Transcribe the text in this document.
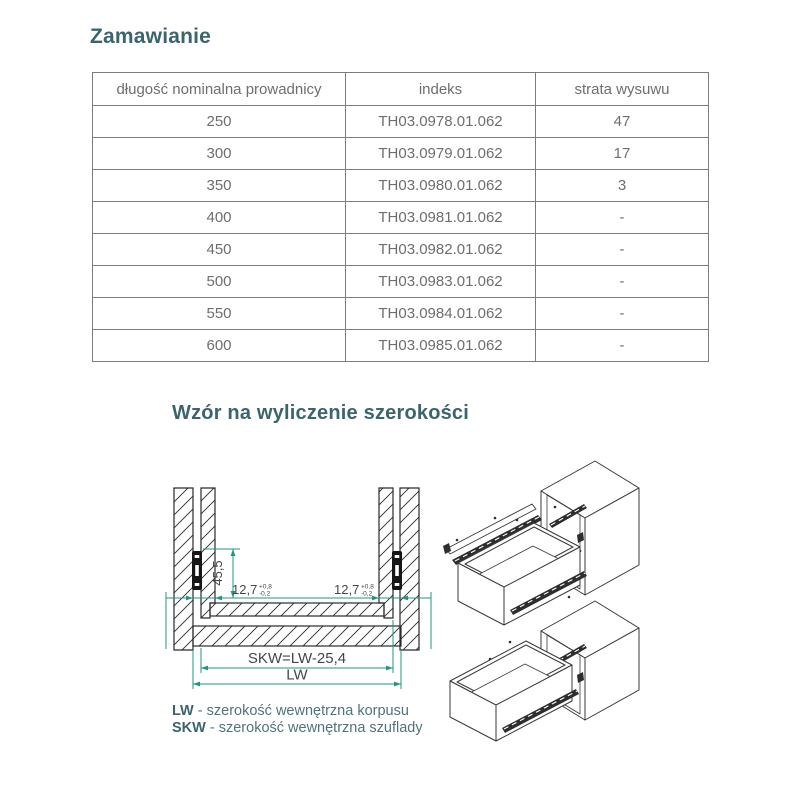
Zamawianie
długość nominalna prowadnicy	indeks	strata wysuwu
250	TH03.0978.01.062	47
300	TH03.0979.01.062	17
350	TH03.0980.01.062	3
400	TH03.0981.01.062	-
450	TH03.0982.01.062	-
500	TH03.0983.01.062	-
550	TH03.0984.01.062	-
600	TH03.0985.01.062	-
Wzór na wyliczenie szerokości
45,5
12,7 +0,8
-0,2	12,7 +0,8
-0,2
SKW=LW-25,4
LW
LW - szerokość wewnętrzna korpusu
SKW - szerokość wewnętrzna szuflady
